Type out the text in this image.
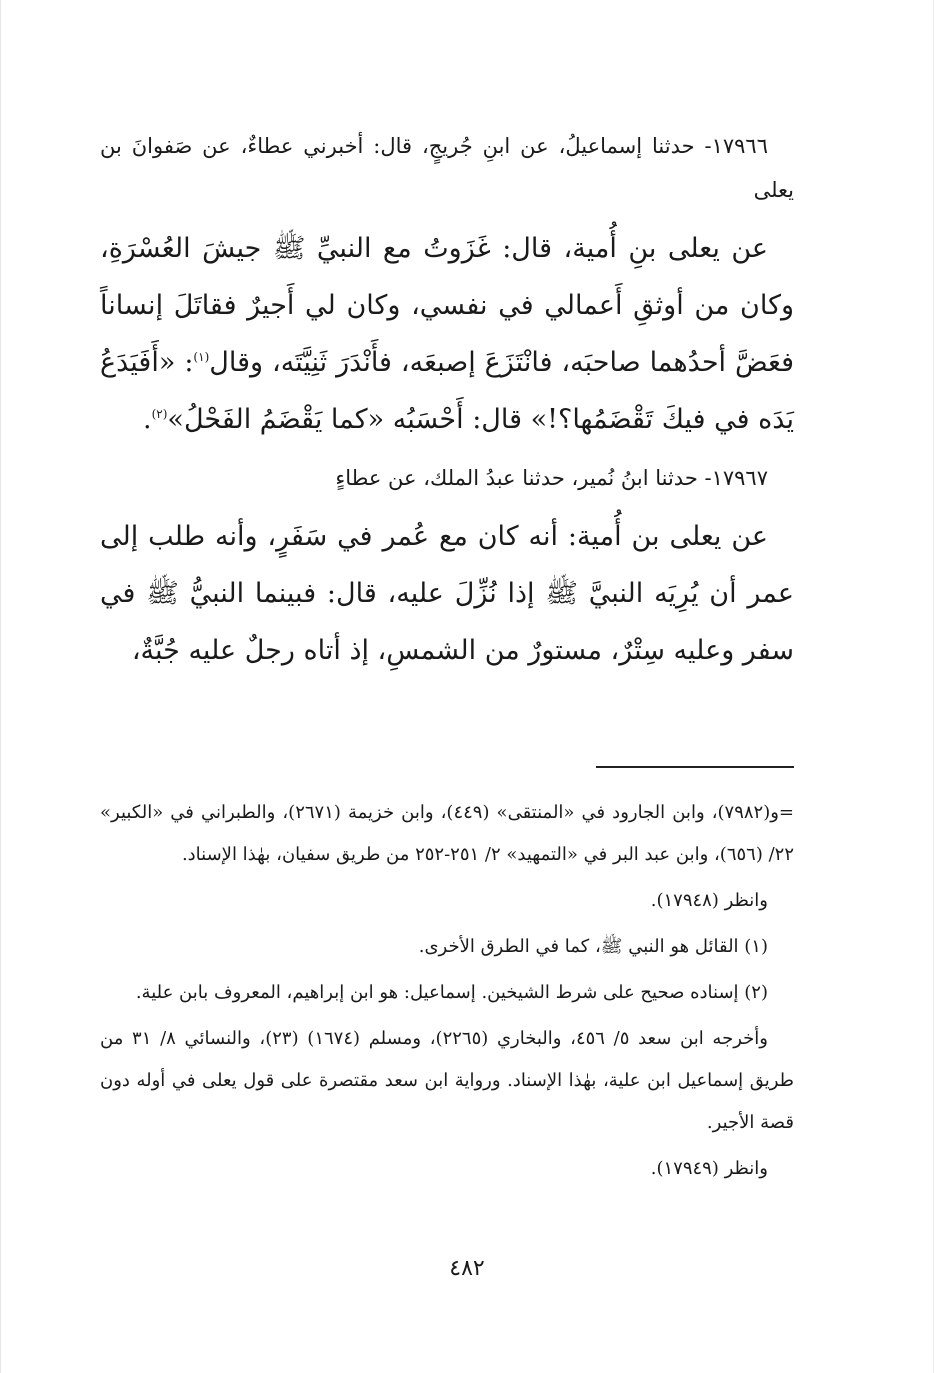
١٧٩٦٦- حدثنا إسماعيلُ، عن ابنِ جُريجٍ، قال: أخبرني عطاءٌ، عن صَفوانَ بن يعلى

عن يعلى بنِ أُمية، قال: غَزَوتُ مع النبيِّ ﷺ جيشَ العُسْرَةِ، وكان من أوثقِ أَعمالي في نفسي، وكان لي أَجيرٌ فقاتَلَ إنساناً فعَضَّ أحدُهما صاحبَه، فانْتَزَعَ إصبعَه، فأَنْدَرَ ثَنِيَّتَه، وقال$^{(١)}$: «أَفَيَدَعُ يَدَه في فيكَ تَقْضَمُها؟!» قال: أَحْسَبُه «كما يَقْضَمُ الفَحْلُ»$^{(٢)}$.

١٧٩٦٧- حدثنا ابنُ نُمير، حدثنا عبدُ الملك، عن عطاءٍ

عن يعلى بن أُمية: أنه كان مع عُمر في سَفَرٍ، وأنه طلب إلى عمر أن يُرِيَه النبيَّ ﷺ إذا نُزِّلَ عليه، قال: فبينما النبيُّ ﷺ في سفر وعليه سِتْرٌ، مستورٌ من الشمسِ، إذ أتاه رجلٌ عليه جُبَّةٌ،

=و(٧٩٨٢)، وابن الجارود في «المنتقى» (٤٤٩)، وابن خزيمة (٢٦٧١)، والطبراني في «الكبير» ٢٢/ (٦٥٦)، وابن عبد البر في «التمهيد» ٢/ ٢٥١-٢٥٢ من طريق سفيان، بهٰذا الإسناد.

وانظر (١٧٩٤٨).

(١) القائل هو النبي ﷺ، كما في الطرق الأخرى.

(٢) إسناده صحيح على شرط الشيخين. إسماعيل: هو ابن إبراهيم، المعروف بابن علية.

وأخرجه ابن سعد ٥/ ٤٥٦، والبخاري (٢٢٦٥)، ومسلم (١٦٧٤) (٢٣)، والنسائي ٨/ ٣١ من طريق إسماعيل ابن علية، بهٰذا الإسناد. ورواية ابن سعد مقتصرة على قول يعلى في أوله دون قصة الأجير.

وانظر (١٧٩٤٩).

٤٨٢
